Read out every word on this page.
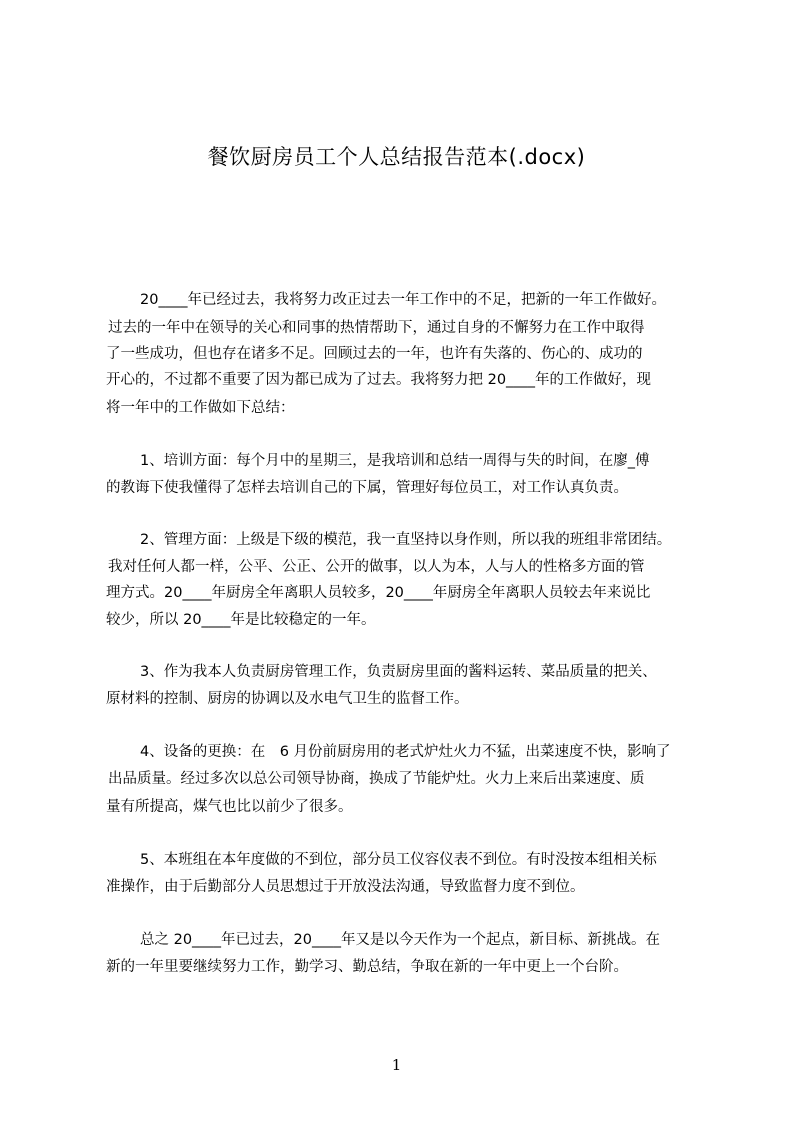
餐饮厨房员工个人总结报告范本(.docx)
20____年已经过去，我将努力改正过去一年工作中的不足，把新的一年工作做好。
过去的一年中在领导的关心和同事的热情帮助下，通过自身的不懈努力在工作中取得
了一些成功，但也存在诸多不足。回顾过去的一年，也许有失落的、伤心的、成功的
开心的，不过都不重要了因为都已成为了过去。我将努力把 20____年的工作做好，现
将一年中的工作做如下总结：
1、培训方面：每个月中的星期三，是我培训和总结一周得与失的时间，在廖_傅
的教诲下使我懂得了怎样去培训自己的下属，管理好每位员工，对工作认真负责。
2、管理方面：上级是下级的模范，我一直坚持以身作则，所以我的班组非常团结。
我对任何人都一样，公平、公正、公开的做事，以人为本，人与人的性格多方面的管
理方式。20____年厨房全年离职人员较多，20____年厨房全年离职人员较去年来说比
较少，所以 20____年是比较稳定的一年。
3、作为我本人负责厨房管理工作，负责厨房里面的酱料运转、菜品质量的把关、
原材料的控制、厨房的协调以及水电气卫生的监督工作。
4、设备的更换：在　6 月份前厨房用的老式炉灶火力不猛，出菜速度不快，影响了
出品质量。经过多次以总公司领导协商，换成了节能炉灶。火力上来后出菜速度、质
量有所提高，煤气也比以前少了很多。
5、本班组在本年度做的不到位，部分员工仪容仪表不到位。有时没按本组相关标
准操作，由于后勤部分人员思想过于开放没法沟通，导致监督力度不到位。
总之 20____年已过去，20____年又是以今天作为一个起点，新目标、新挑战。在
新的一年里要继续努力工作，勤学习、勤总结，争取在新的一年中更上一个台阶。
1
